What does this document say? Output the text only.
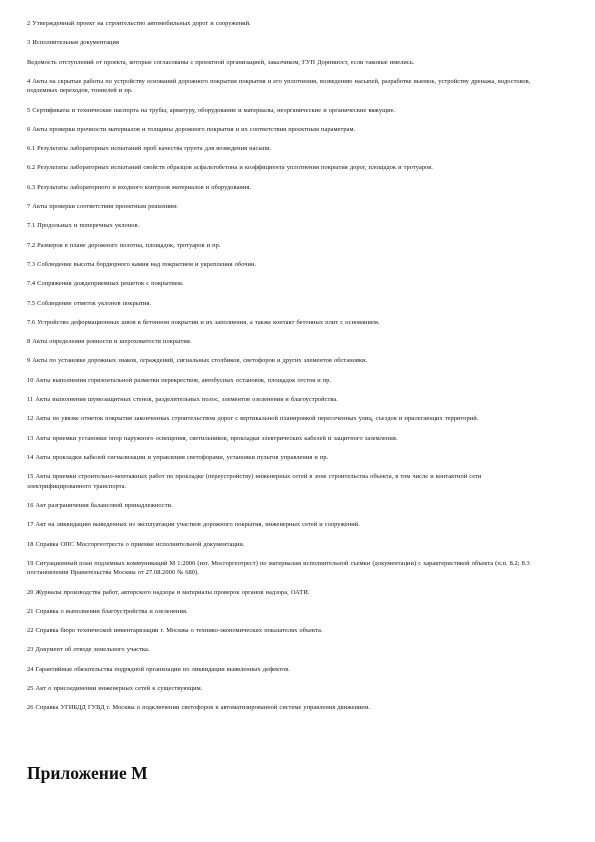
2 Утвержденный проект на строительство автомобильных дорог и сооружений.

3 Исполнительная документация

Ведомость отступлений от проекта, которые согласованы с проектной организацией, заказчиком, ГУП Дорнииост, если таковые имелись.

4 Акты на скрытые работы по устройству оснований дорожного покрытия покрытия и его уплотнения, возведению насыпей, разработке выемок, устройству дренажа, водостоков, подземных переходов, тоннелей и пр.

5 Сертификаты и технические паспорта на трубы, арматуру, оборудование и материалы, неорганические и органические вяжущие.

6 Акты проверки прочности материалов и толщины дорожного покрытия и их соответствия проектным параметрам.

6.1 Результаты лабораторных испытаний проб качества грунта для возведения насыпи.

6.2 Результаты лабораторных испытаний свойств образцов асфальтобетона и коэффициента уплотнения покрытия дорог, площадок и тротуаров.

6.3 Результаты лабораторного и входного контроля материалов и оборудования.

7 Акты проверки соответствия проектным решениям:

7.1 Продольных и поперечных уклонов.

7.2 Размеров в плане дорожного полотна, площадок, тротуаров и пр.

7.3 Соблюдение высоты бордюрного камня над покрытием и укрепления обочин.

7.4 Сопряжения дождеприемных решеток с покрытием.

7.5 Соблюдение отметок уклонов покрытия.

7.6 Устройство деформационных швов в бетонном покрытии и их заполнения, а также контакт бетонных плит с основанием.

8 Акты определения ровности и шероховатости покрытия.

9 Акты по установке дорожных знаков, ограждений, сигнальных столбиков, светофоров и других элементов обстановки.

10 Акты выполнения горизонтальной разметки перекрестков, автобусных остановок, площадок отстоя и пр.

11 Акты выполнения шумозащитных стенок, разделительных полос, элементов озеленения и благоустройства.

12 Акты по увязке отметок покрытия законченных строительством дорог с вертикальной планировкой пересеченных улиц, съездов и прилегающих территорий.

13 Акты приемки установки опор наружного освещения, светильников, прокладки электрических кабелей и защитного заземления.

14 Акты прокладки кабелей сигнализации и управления светофорами, установки пультов управления и пр.

15 Акты приемки строительно-монтажных работ по прокладке (переустройству) инженерных сетей в зоне строительства объекта, в том числе и контактной сети электрифицированного транспорта.

16 Акт разграничения балансовой принадлежности.

17 Акт на ликвидацию выведенных из эксплуатации участков дорожного покрытия, инженерных сетей и сооружений.

18 Справка ОПС Мосгоргеотреста о приемке исполнительной документации.

19 Ситуационный план подземных коммуникаций М 1:2000 (изг. Мосгоргеотрест) по материалам исполнительной съемки (документации) с характеристикой объекта (п.п. 8.2; 8.3 постановления Правительства Москвы от 27.08.2000 № 680).

20 Журналы производства работ, авторского надзора и материалы проверок органов надзора, ОАТИ.

21 Справка о выполнении благоустройства и озеленения.

22 Справка бюро технической инвентаризации г. Москвы о технико-экономических показателях объекта.

23 Документ об отводе земельного участка.

24 Гарантийные обязательства подрядной организации по ликвидации выявленных дефектов.

25 Акт о присоединении инженерных сетей к существующим.

26 Справка УГИБДД ГУВД г. Москвы о подключении светофоров к автоматизированной системе управления движением.

Приложение М
